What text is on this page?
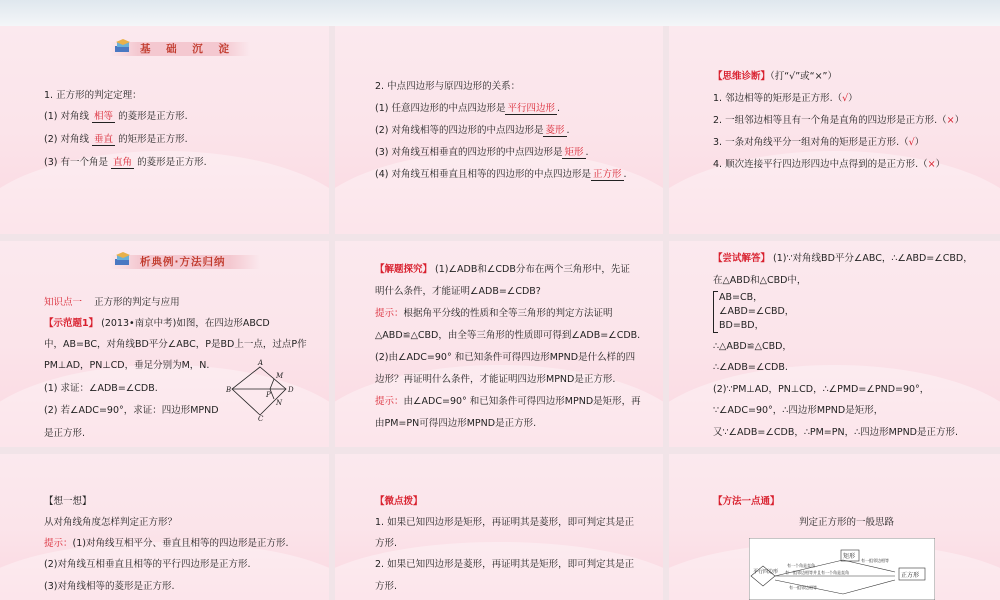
基 础 沉 淀
1. 正方形的判定定理：
(1) 对角线 相等 的菱形是正方形.
(2) 对角线 垂直 的矩形是正方形.
(3) 有一个角是 直角 的菱形是正方形.
2. 中点四边形与原四边形的关系：
(1) 任意四边形的中点四边形是 平行四边形 .
(2) 对角线相等的四边形的中点四边形是 菱形 .
(3) 对角线互相垂直的四边形的中点四边形是 矩形 .
(4) 对角线互相垂直且相等的四边形的中点四边形是 正方形 .
【思维诊断】（打“√”或“×”）
1. 邻边相等的矩形是正方形.（√）
2. 一组邻边相等且有一个角是直角的四边形是正方形.（×）
3. 一条对角线平分一组对角的矩形是正方形.（√）
4. 顺次连接平行四边形四边中点得到的是正方形.（×）
析典例·方法归纳
知识点一 正方形的判定与应用
【示范题1】 (2013•南京中考)如图，在四边形ABCD
中，AB=BC，对角线BD平分∠ABC，P是BD上一点，过点P作
PM⊥AD，PN⊥CD，垂足分别为M，N.
(1) 求证：∠ADB=∠CDB.
(2) 若∠ADC=90°，求证：四边形MPND
是正方形.
A
B
C
D
M
N
P
【解题探究】 (1)∠ADB和∠CDB分布在两个三角形中，先证
明什么条件，才能证明∠ADB=∠CDB?
提示：根据角平分线的性质和全等三角形的判定方法证明
△ABD≌△CBD，由全等三角形的性质即可得到∠ADB=∠CDB.
(2)由∠ADC=90° 和已知条件可得四边形MPND是什么样的四
边形？再证明什么条件，才能证明四边形MPND是正方形.
提示：由∠ADC=90° 和已知条件可得四边形MPND是矩形，再
由PM=PN可得四边形MPND是正方形.
【尝试解答】 (1)∵对角线BD平分∠ABC，∴∠ABD=∠CBD，
在△ABD和△CBD中，
AB=CB，
∠ABD=∠CBD，
BD=BD，
∴△ABD≌△CBD，
∴∠ADB=∠CDB.
(2)∵PM⊥AD，PN⊥CD，∴∠PMD=∠PND=90°，
∵∠ADC=90°，∴四边形MPND是矩形，
又∵∠ADB=∠CDB，∴PM=PN，∴四边形MPND是正方形.
【想一想】
从对角线角度怎样判定正方形？
提示：(1)对角线互相平分、垂直且相等的四边形是正方形.
(2)对角线互相垂直且相等的平行四边形是正方形.
(3)对角线相等的菱形是正方形.
【微点拨】
1. 如果已知四边形是矩形，再证明其是菱形，即可判定其是正
方形.
2. 如果已知四边形是菱形，再证明其是矩形，即可判定其是正
方形.
【方法一点通】
判定正方形的一般思路
平行四边形
矩形
正方形
有一个角是直角
有一组邻边相等
有一组邻边相等并且有一个角是直角
有一组邻边相等
